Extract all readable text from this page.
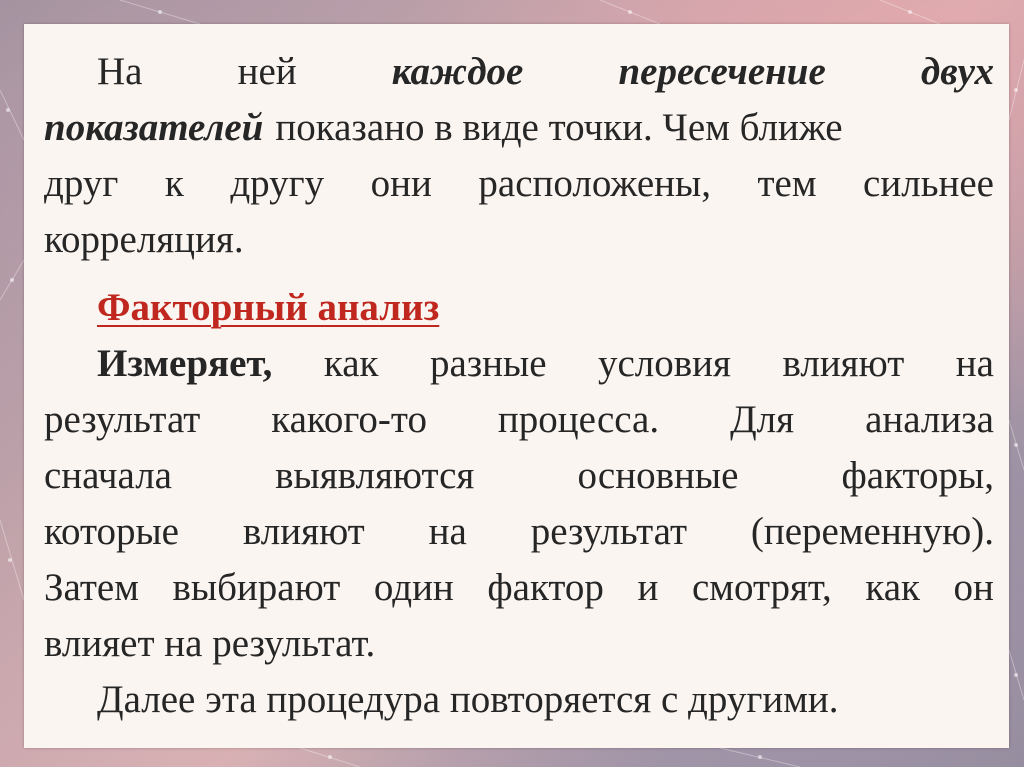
На ней каждое пересечение двух
показателей показано в виде точки. Чем ближе
друг к другу они расположены, тем сильнее
корреляция.
Факторный анализ
Измеряет, как разные условия влияют на
результат какого-то процесса. Для анализа
сначала	выявляются	основные	факторы,
которые влияют на результат (переменную).
Затем выбирают один фактор и смотрят, как он
влияет на результат.
Далее эта процедура повторяется с другими.
